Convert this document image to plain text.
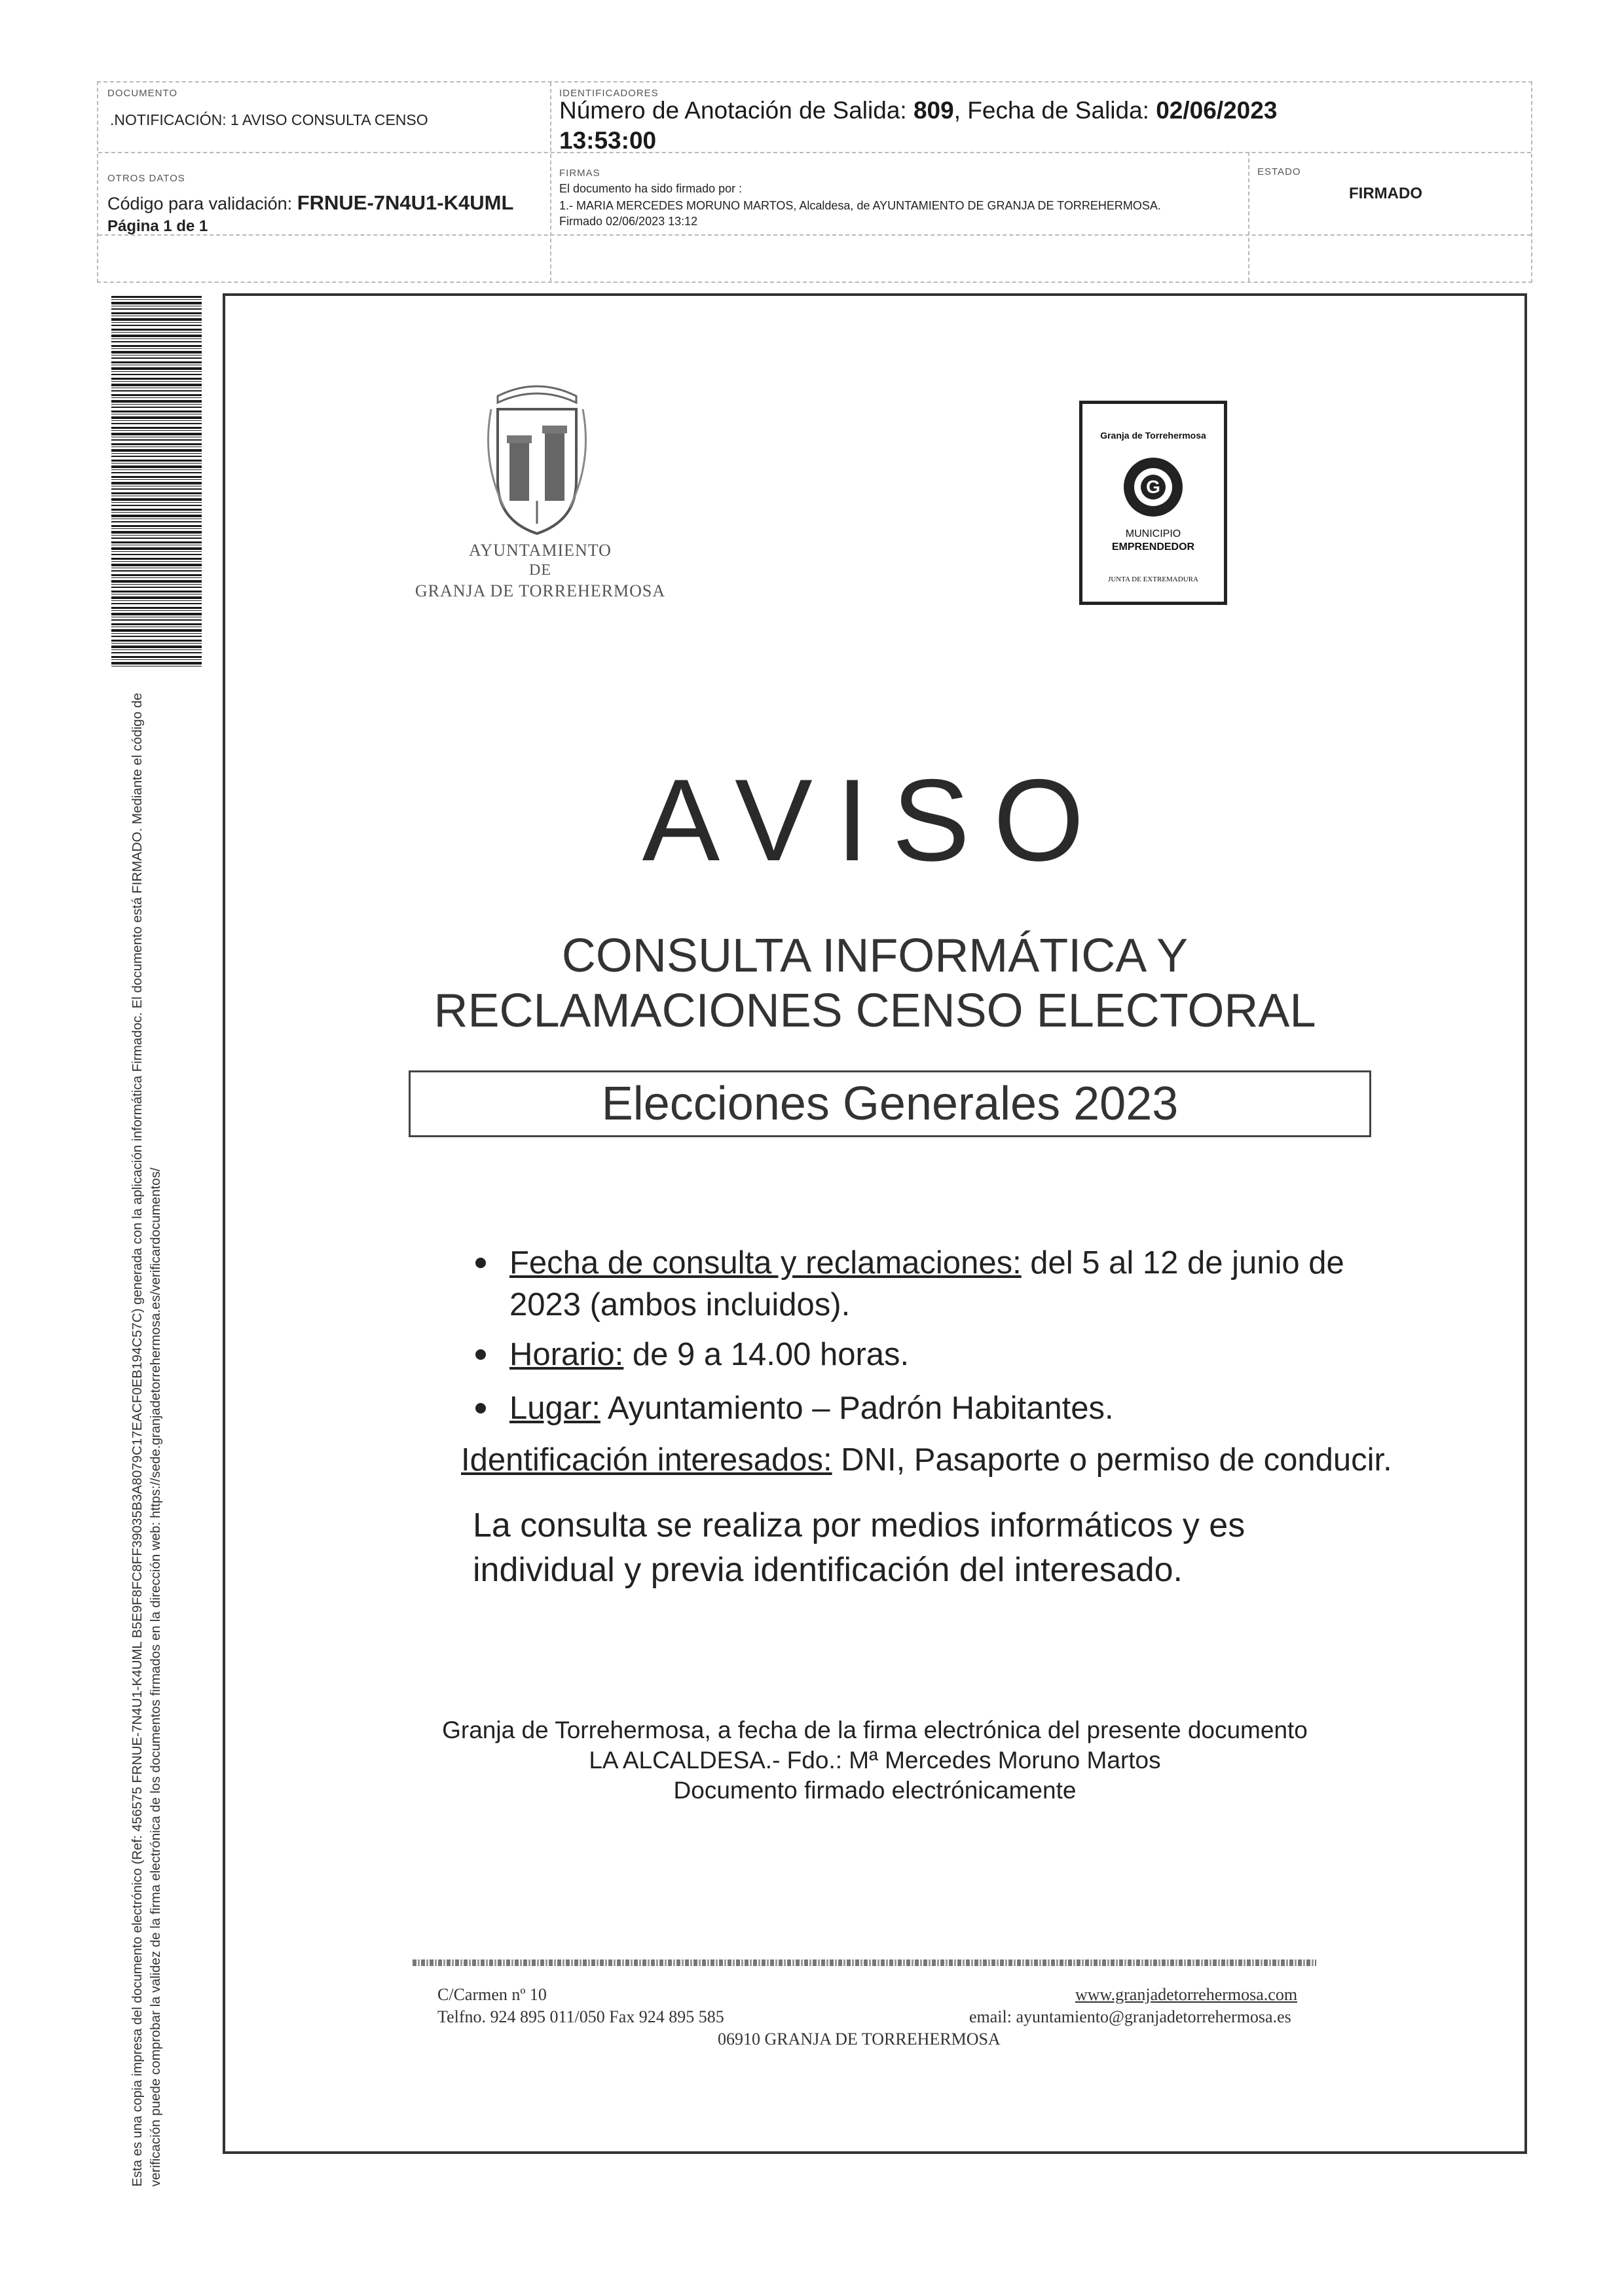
DOCUMENTO
.NOTIFICACIÓN: 1 AVISO CONSULTA CENSO
IDENTIFICADORES
Número de Anotación de Salida: 809, Fecha de Salida: 02/06/2023
13:53:00
OTROS DATOS
Código para validación: FRNUE-7N4U1-K4UML
Página 1 de 1
FIRMAS
El documento ha sido firmado por :
1.- MARIA MERCEDES MORUNO MARTOS, Alcaldesa, de AYUNTAMIENTO DE GRANJA DE TORREHERMOSA.
Firmado 02/06/2023 13:12
ESTADO
FIRMADO
Esta es una copia impresa del documento electrónico (Ref: 456575 FRNUE-7N4U1-K4UML B5E9F8FC8FF39035B3A8079C17EACF0EB194C57C) generada con la aplicación informática Firmadoc. El documento está FIRMADO. Mediante el código de verificación puede comprobar la validez de la firma electrónica de los documentos firmados en la dirección web: https://sede.granjadetorrehermosa.es/verificardocumentos/
AYUNTAMIENTO
DE
GRANJA DE TORREHERMOSA
Granja de Torrehermosa
G
MUNICIPIO
EMPRENDEDOR
JUNTA DE EXTREMADURA
AVISO
CONSULTA INFORMÁTICA Y
RECLAMACIONES CENSO ELECTORAL
Elecciones Generales 2023
Fecha de consulta y reclamaciones: del 5 al 12 de junio de
2023 (ambos incluidos).
Horario: de 9 a 14.00 horas.
Lugar: Ayuntamiento – Padrón Habitantes.
Identificación interesados: DNI, Pasaporte o permiso de conducir.
La consulta se realiza por medios informáticos y es
individual y previa identificación del interesado.
Granja de Torrehermosa, a fecha de la firma electrónica del presente documento
LA ALCALDESA.- Fdo.: Mª Mercedes Moruno Martos
Documento firmado electrónicamente
C/Carmen nº 10	www.granjadetorrehermosa.com
Telfno. 924 895 011/050 Fax 924 895 585	email: ayuntamiento@granjadetorrehermosa.es
06910 GRANJA DE TORREHERMOSA
